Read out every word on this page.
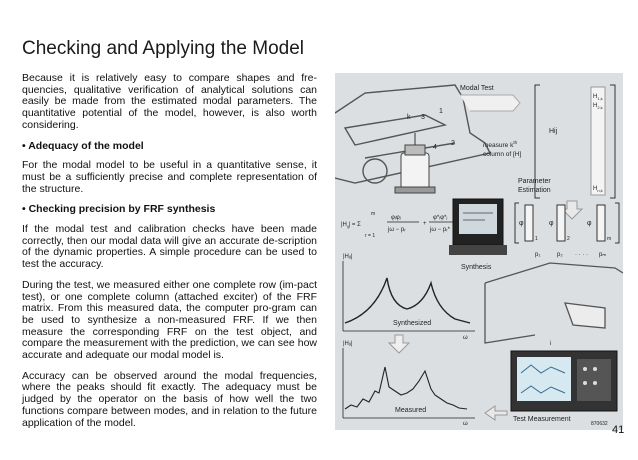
Checking and Applying the Model

Because it is relatively easy to compare shapes and fre-quencies, qualitative verification of analytical solutions can easily be made from the estimated modal parameters. The quantitative potential of the model, however, is also worth considering.

• Adequacy of the model

For the modal model to be useful in a quantitative sense, it must be a sufficiently precise and complete representation of the structure.

• Checking precision by FRF synthesis

If the modal test and calibration checks have been made correctly, then our modal data will give an accurate de-scription of the dynamic properties. A simple procedure can be used to test the accuracy.

During the test, we measured either one complete row (im-pact test), or one complete column (attached exciter) of the FRF matrix. From this measured data, the computer pro-gram can be used to synthesize a non-measured FRF. If we then measure the corresponding FRF on the test object, and compare the measurement with the prediction, we can see how accurate and adequate our modal model is.

Accuracy can be observed around the modal frequencies, where the peaks should fit exactly. The adequacy must be judged by the operator on the basis of how well the two functions compare between modes, and in relation to the future application of the model.

k
1
2
3
4
Modal Test
measure $k^{th}$
column of [H]
Hij
$H_{1,k}$
$H_{2,k}$
$H_{n,k}$
Parameter
Estimation
$|H_{ij}| = \Sigma$
m
r = 1
φᵢφⱼ
jω − pᵣ
+
φ*ᵢφ*ⱼ
jω − pᵣ*
Synthesis
φ	φ	φ
1	2	m
p₁	p₂ · · · · pₘ
|Hᵢⱼ|
Synthesized
ω
|Hᵢⱼ|
Measured
ω
i
Test Measurement
870632 41
